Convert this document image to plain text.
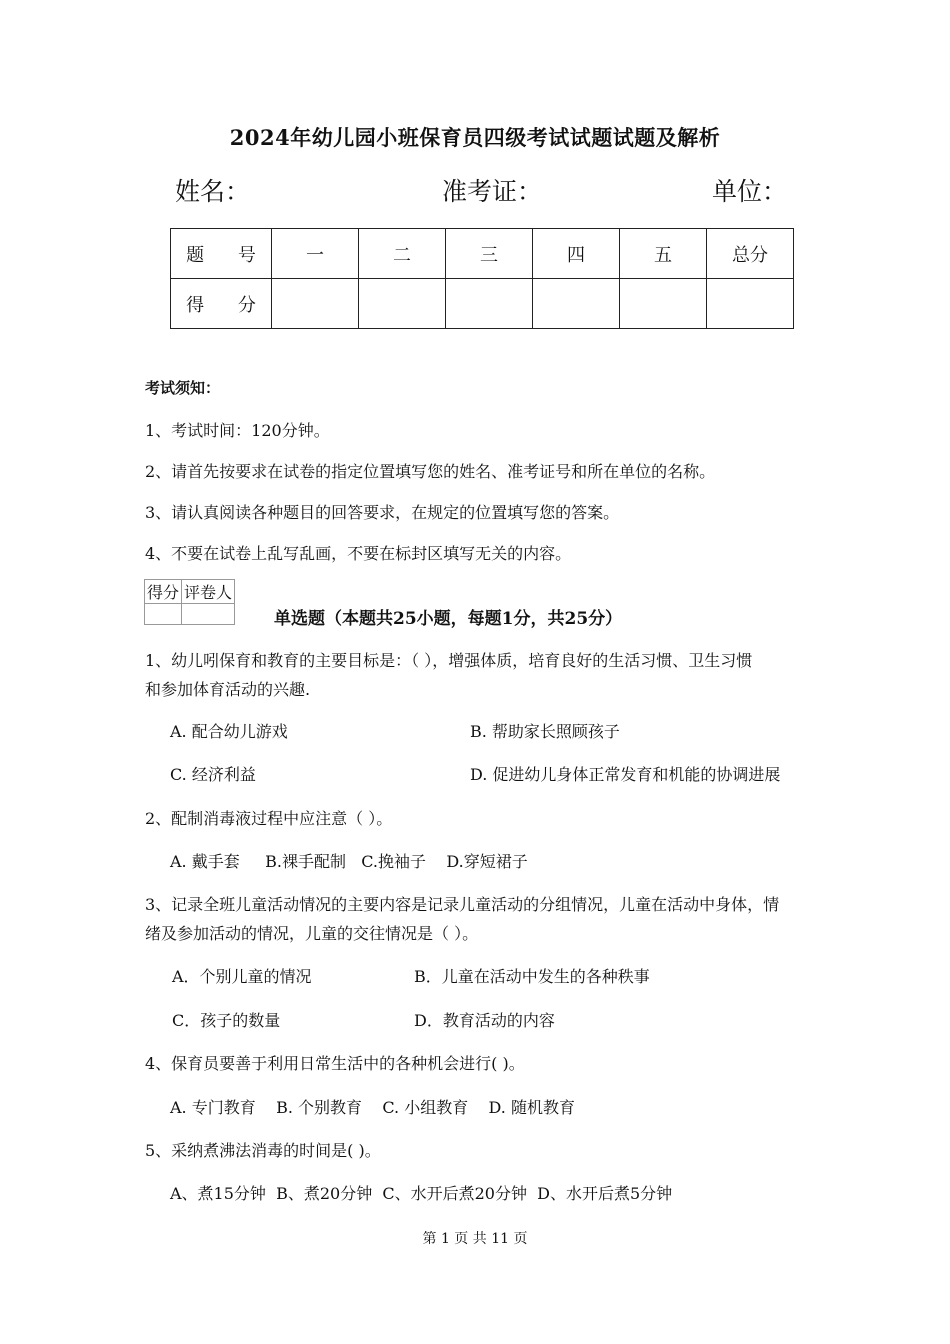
2024年幼儿园小班保育员四级考试试题试题及解析
姓名：	准考证：	单位：
题 号	一	二	三	四	五	总分
得 分						
考试须知：
1、考试时间：120分钟。
2、请首先按要求在试卷的指定位置填写您的姓名、准考证号和所在单位的名称。
3、请认真阅读各种题目的回答要求，在规定的位置填写您的答案。
4、不要在试卷上乱写乱画，不要在标封区填写无关的内容。
得分	评卷人

单选题（本题共25小题，每题1分，共25分）
1、幼儿吲保育和教育的主要目标是：（ ），增强体质，培育良好的生活习惯、卫生习惯
和参加体育活动的兴趣.
A. 配合幼儿游戏	B. 帮助家长照顾孩子
C. 经济利益	D. 促进幼儿身体正常发育和机能的协调进展
2、配制消毒液过程中应注意（ ）。
A. 戴手套     B.裸手配制   C.挽袖子    D.穿短裙子
3、记录全班儿童活动情况的主要内容是记录儿童活动的分组情况，儿童在活动中身体，情
绪及参加活动的情况，儿童的交往情况是（ ）。
A．个别儿童的情况	B．儿童在活动中发生的各种秩事
C．孩子的数量	D．教育活动的内容
4、保育员要善于利用日常生活中的各种机会进行( )。
A. 专门教育    B. 个别教育    C. 小组教育    D. 随机教育
5、采纳煮沸法消毒的时间是( )。
A、煮15分钟  B、煮20分钟  C、水开后煮20分钟  D、水开后煮5分钟
第 1 页 共 11 页
